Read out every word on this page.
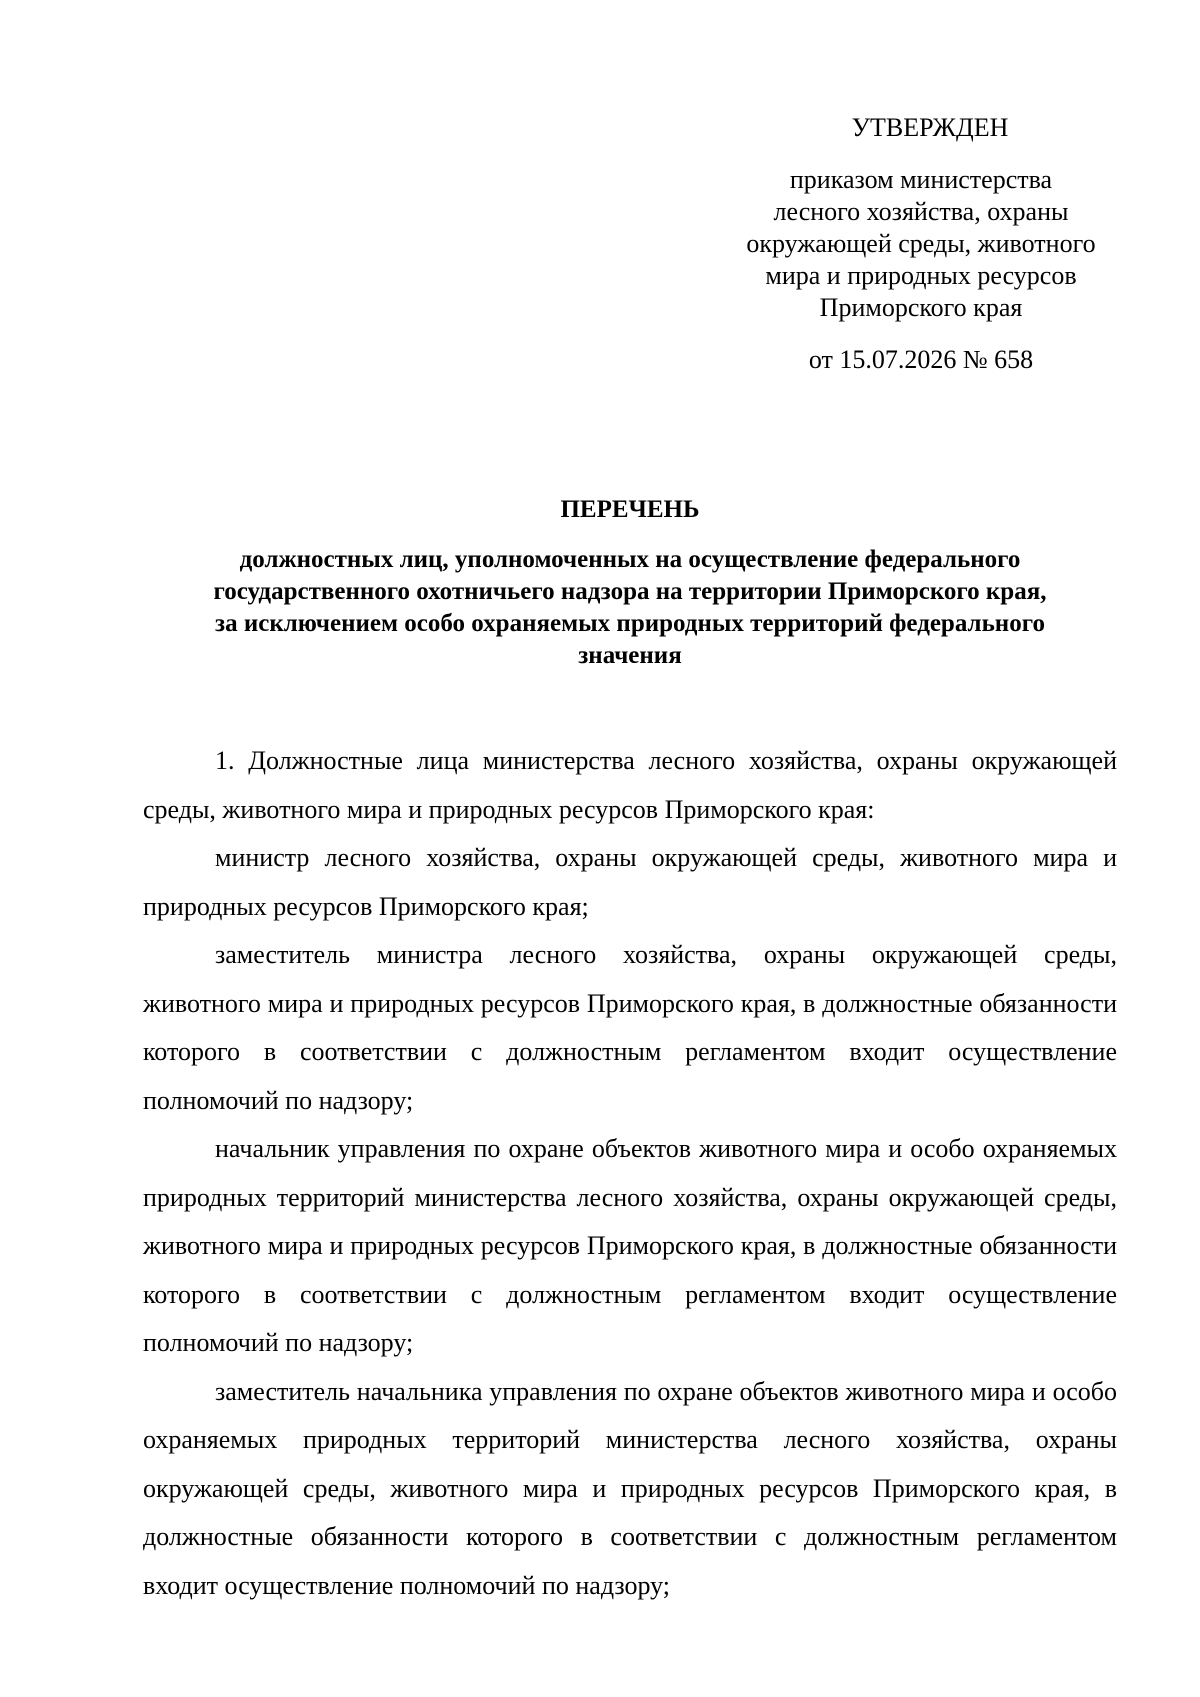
УТВЕРЖДЕН
приказом министерства
лесного хозяйства, охраны
окружающей среды, животного
мира и природных ресурсов
Приморского края
от 15.07.2026 № 658
ПЕРЕЧЕНЬ
должностных лиц, уполномоченных на осуществление федерального
государственного охотничьего надзора на территории Приморского края,
за исключением особо охраняемых природных территорий федерального
значения

1. Должностные лица министерства лесного хозяйства, охраны окружающей среды, животного мира и природных ресурсов Приморского края:

министр лесного хозяйства, охраны окружающей среды, животного мира и природных ресурсов Приморского края;

заместитель министра лесного хозяйства, охраны окружающей среды, животного мира и природных ресурсов Приморского края, в должностные обязанности которого в соответствии с должностным регламентом входит осуществление полномочий по надзору;

начальник управления по охране объектов животного мира и особо охраняемых природных территорий министерства лесного хозяйства, охраны окружающей среды, животного мира и природных ресурсов Приморского края, в должностные обязанности которого в соответствии с должностным регламентом входит осуществление полномочий по надзору;

заместитель начальника управления по охране объектов животного мира и особо охраняемых природных территорий министерства лесного хозяйства, охраны окружающей среды, животного мира и природных ресурсов Приморского края, в должностные обязанности которого в соответствии с должностным регламентом входит осуществление полномочий по надзору;
